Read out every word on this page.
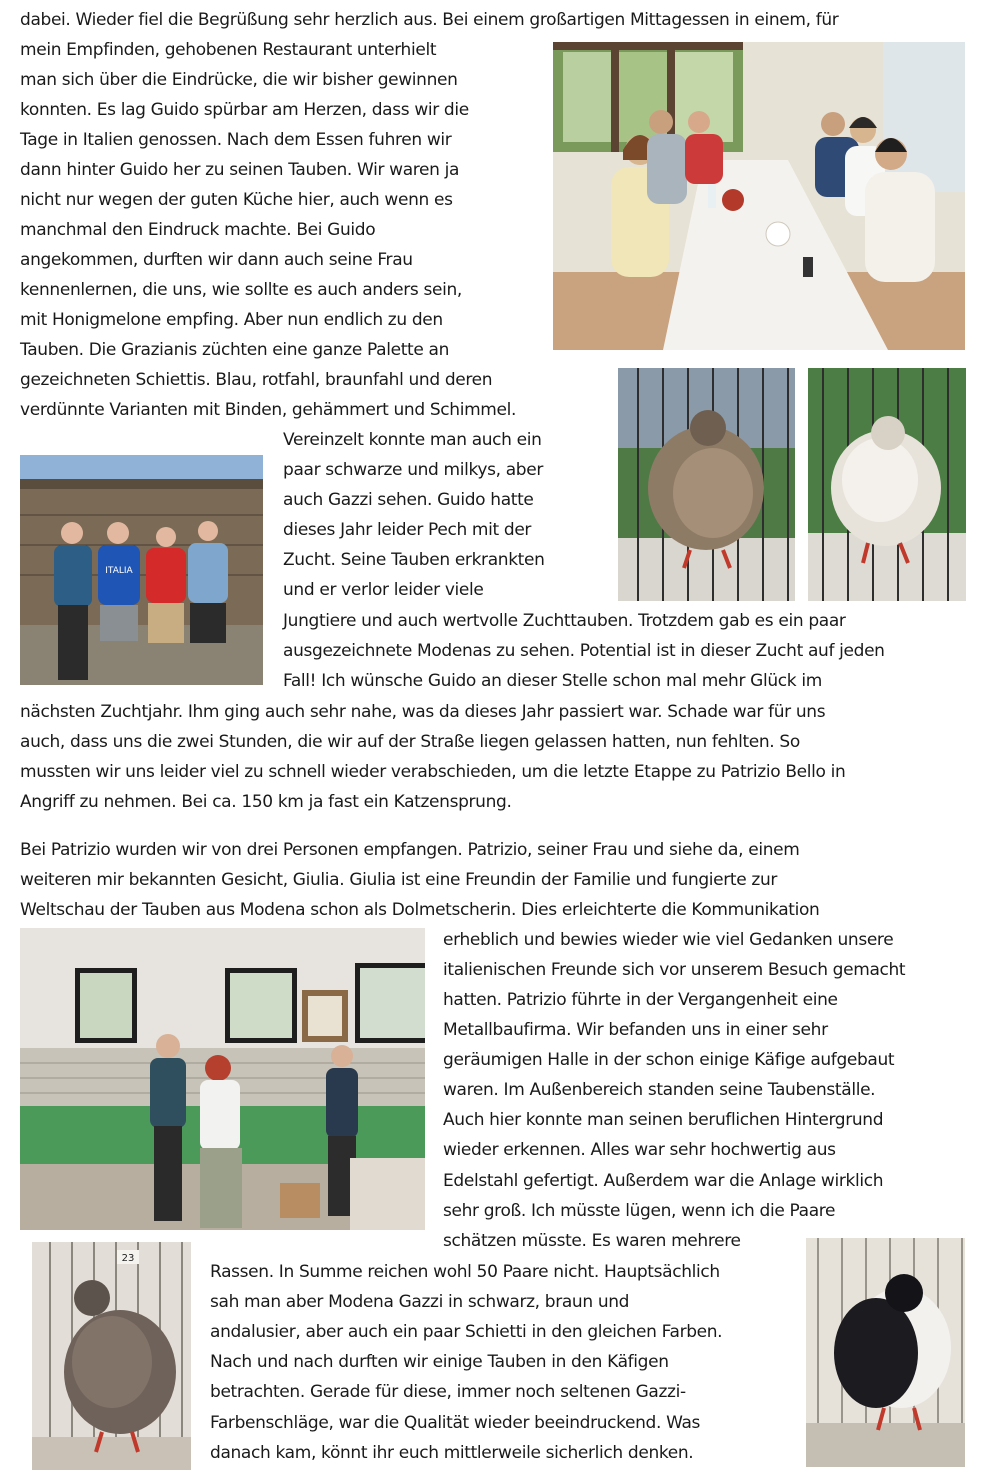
dabei. Wieder fiel die Begrüßung sehr herzlich aus. Bei einem großartigen Mittagessen in einem, für
mein Empfinden, gehobenen Restaurant unterhielt
man sich über die Eindrücke, die wir bisher gewinnen
konnten. Es lag Guido spürbar am Herzen, dass wir die
Tage in Italien genossen. Nach dem Essen fuhren wir
dann hinter Guido her zu seinen Tauben. Wir waren ja
nicht nur wegen der guten Küche hier, auch wenn es
manchmal den Eindruck machte. Bei Guido
angekommen, durften wir dann auch seine Frau
kennenlernen, die uns, wie sollte es auch anders sein,
mit Honigmelone empfing. Aber nun endlich zu den
Tauben. Die Grazianis züchten eine ganze Palette an
gezeichneten Schiettis. Blau, rotfahl, braunfahl und deren
verdünnte Varianten mit Binden, gehämmert und Schimmel.
Vereinzelt konnte man auch ein
paar schwarze und milkys, aber
auch Gazzi sehen. Guido hatte
dieses Jahr leider Pech mit der
Zucht. Seine Tauben erkrankten
und er verlor leider viele
Jungtiere und auch wertvolle Zuchttauben. Trotzdem gab es ein paar
ausgezeichnete Modenas zu sehen. Potential ist in dieser Zucht auf jeden
Fall! Ich wünsche Guido an dieser Stelle schon mal mehr Glück im
nächsten Zuchtjahr. Ihm ging auch sehr nahe, was da dieses Jahr passiert war. Schade war für uns
auch, dass uns die zwei Stunden, die wir auf der Straße liegen gelassen hatten, nun fehlten. So
mussten wir uns leider viel zu schnell wieder verabschieden, um die letzte Etappe zu Patrizio Bello in
Angriff zu nehmen. Bei ca. 150 km ja fast ein Katzensprung.
Bei Patrizio wurden wir von drei Personen empfangen. Patrizio, seiner Frau und siehe da, einem
weiteren mir bekannten Gesicht, Giulia. Giulia ist eine Freundin der Familie und fungierte zur
Weltschau der Tauben aus Modena schon als Dolmetscherin. Dies erleichterte die Kommunikation
erheblich und bewies wieder wie viel Gedanken unsere
italienischen Freunde sich vor unserem Besuch gemacht
hatten. Patrizio führte in der Vergangenheit eine
Metallbaufirma. Wir befanden uns in einer sehr
geräumigen Halle in der schon einige Käfige aufgebaut
waren. Im Außenbereich standen seine Taubenställe.
Auch hier konnte man seinen beruflichen Hintergrund
wieder erkennen. Alles war sehr hochwertig aus
Edelstahl gefertigt. Außerdem war die Anlage wirklich
sehr groß. Ich müsste lügen, wenn ich die Paare
schätzen müsste. Es waren mehrere
Rassen. In Summe reichen wohl 50 Paare nicht. Hauptsächlich
sah man aber Modena Gazzi in schwarz, braun und
andalusier, aber auch ein paar Schietti in den gleichen Farben.
Nach und nach durften wir einige Tauben in den Käfigen
betrachten. Gerade für diese, immer noch seltenen Gazzi-
Farbenschläge, war die Qualität wieder beeindruckend. Was
danach kam, könnt ihr euch mittlerweile sicherlich denken.
ITALIA
23
